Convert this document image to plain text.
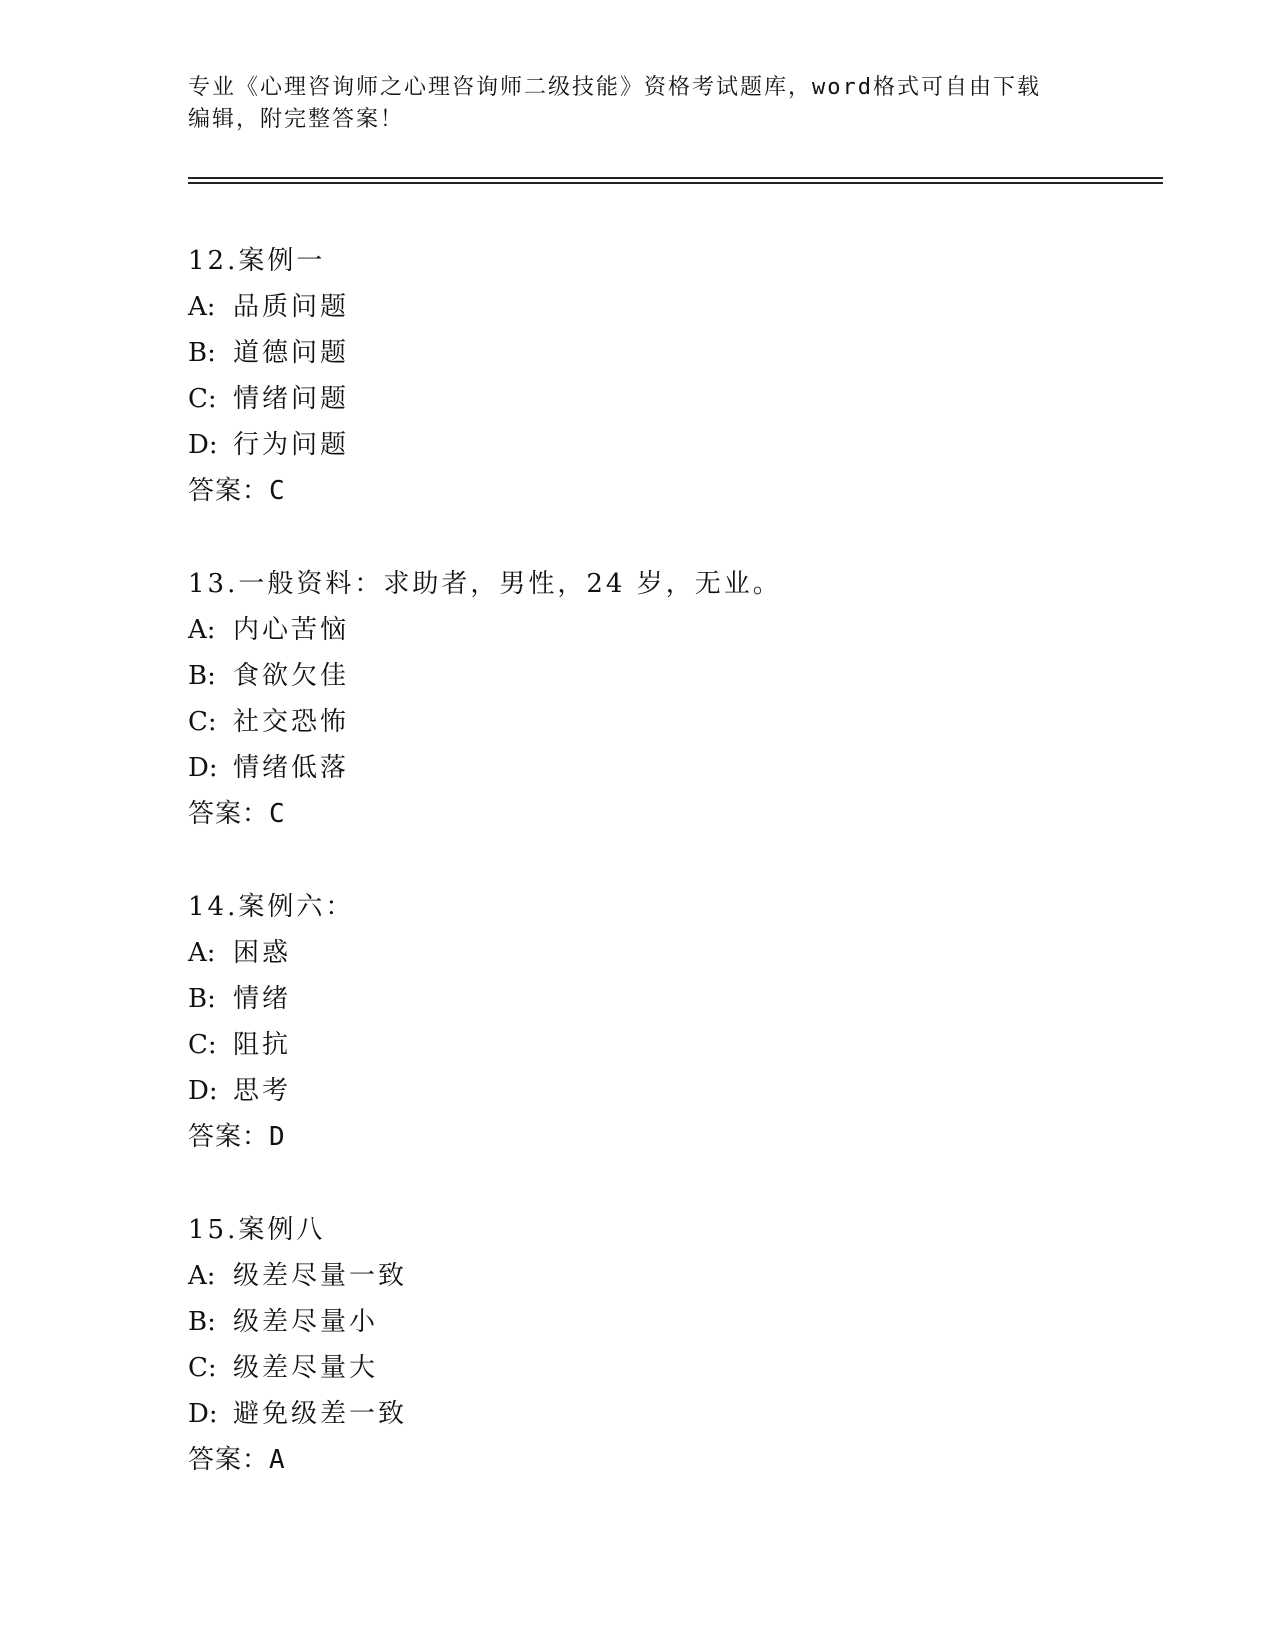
专业《心理咨询师之心理咨询师二级技能》资格考试题库，word格式可自由下载
编辑，附完整答案！
12.案例一
A: 品质问题
B: 道德问题
C: 情绪问题
D: 行为问题
答案：C
13.一般资料：求助者，男性，24 岁，无业。
A: 内心苦恼
B: 食欲欠佳
C: 社交恐怖
D: 情绪低落
答案：C
14.案例六：
A: 困惑
B: 情绪
C: 阻抗
D: 思考
答案：D
15.案例八
A: 级差尽量一致
B: 级差尽量小
C: 级差尽量大
D: 避免级差一致
答案：A
